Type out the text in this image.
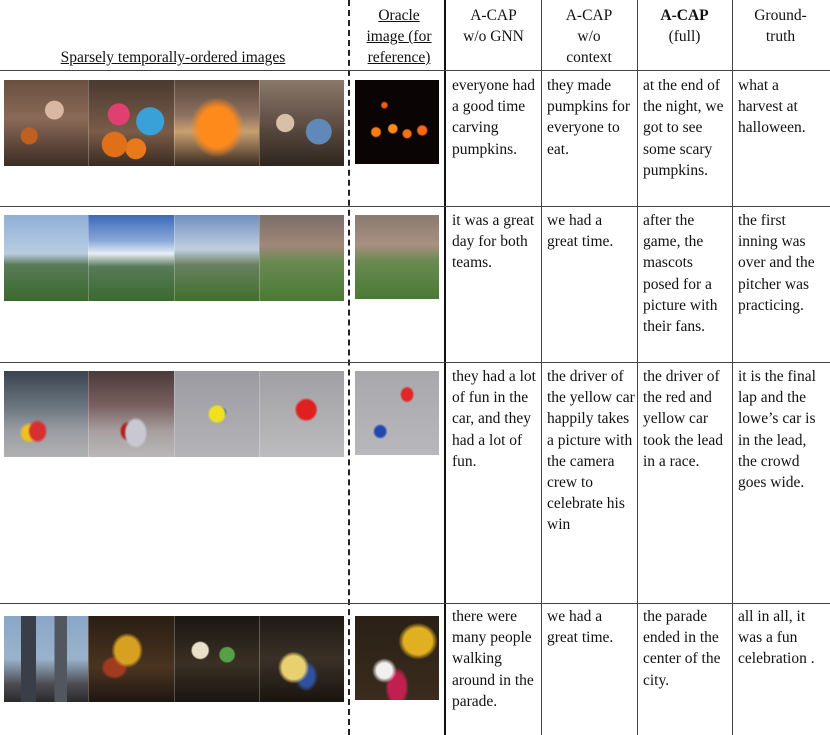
Sparsely temporally-ordered images
Oracle
image (for
reference)
A-CAP
w/o GNN
A-CAP
w/o
context
A-CAP
(full)
Ground-
truth
everyone had a good time carving pumpkins.
they made pumpkins for everyone to eat.
at the end of the night, we got to see some scary pumpkins.
what a harvest at halloween.
it was a great day for both teams.
we had a great time.
after the game, the mascots posed for a picture with their fans.
the first inning was over and the pitcher was practicing.
they had a lot of fun in the car, and they had a lot of fun.
the driver of the yellow car happily takes a picture with the camera crew to celebrate his win
the driver of the red and yellow car took the lead in a race.
it is the final lap and the lowe’s car is in the lead, the crowd goes wide.
there were many people walking around in the parade.
we had a great time.
the parade ended in the center of the city.
all in all, it was a fun celebration .
